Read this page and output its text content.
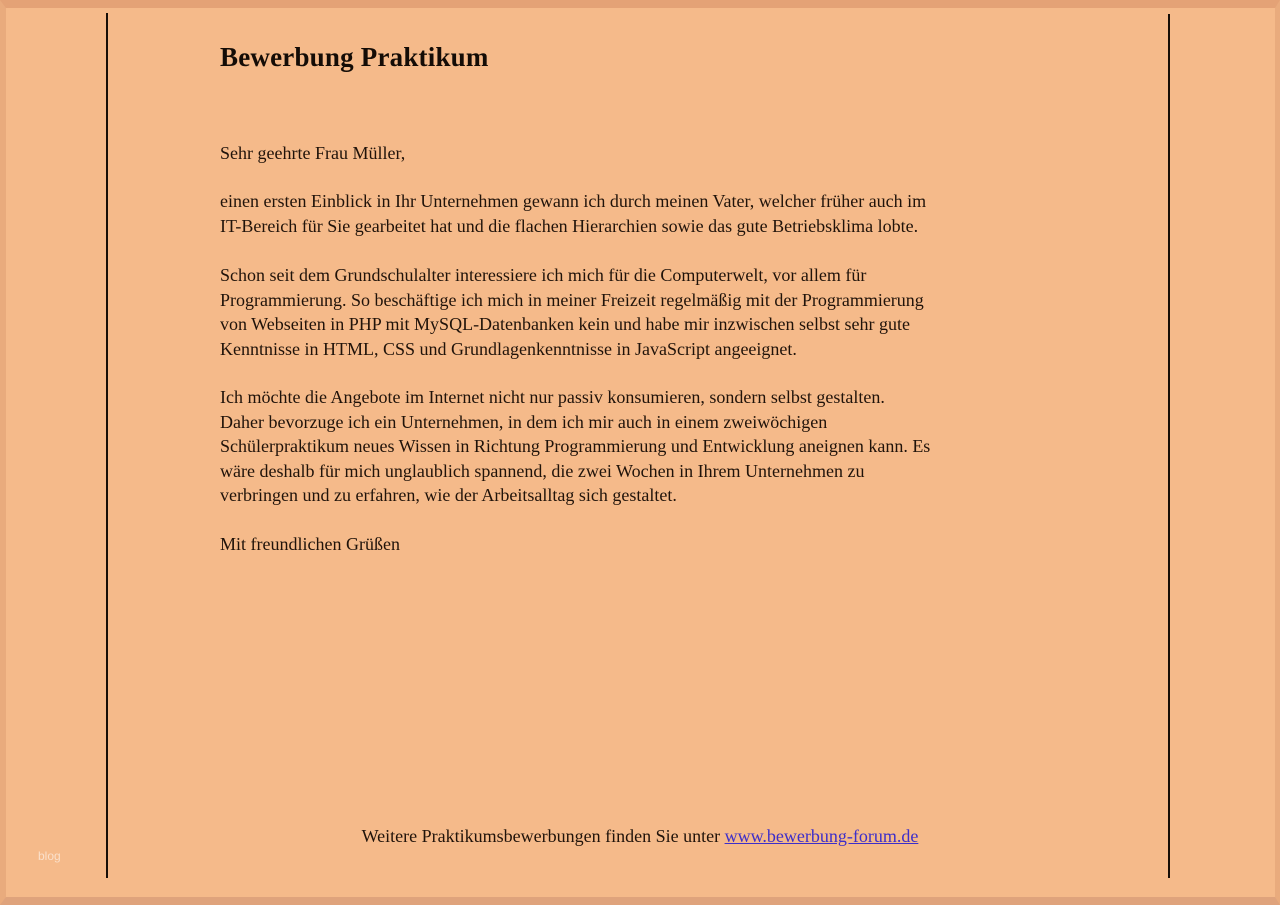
Bewerbung Praktikum

Sehr geehrte Frau Müller,

einen ersten Einblick in Ihr Unternehmen gewann ich durch meinen Vater, welcher früher auch im
IT-Bereich für Sie gearbeitet hat und die flachen Hierarchien sowie das gute Betriebsklima lobte.

Schon seit dem Grundschulalter interessiere ich mich für die Computerwelt, vor allem für
Programmierung. So beschäftige ich mich in meiner Freizeit regelmäßig mit der Programmierung
von Webseiten in PHP mit MySQL-Datenbanken kein und habe mir inzwischen selbst sehr gute
Kenntnisse in HTML, CSS und Grundlagenkenntnisse in JavaScript angeeignet.

Ich möchte die Angebote im Internet nicht nur passiv konsumieren, sondern selbst gestalten.
Daher bevorzuge ich ein Unternehmen, in dem ich mir auch in einem zweiwöchigen
Schülerpraktikum neues Wissen in Richtung Programmierung und Entwicklung aneignen kann. Es
wäre deshalb für mich unglaublich spannend, die zwei Wochen in Ihrem Unternehmen zu
verbringen und zu erfahren, wie der Arbeitsalltag sich gestaltet.

Mit freundlichen Grüßen

Weitere Praktikumsbewerbungen finden Sie unter www.bewerbung-forum.de
blog
